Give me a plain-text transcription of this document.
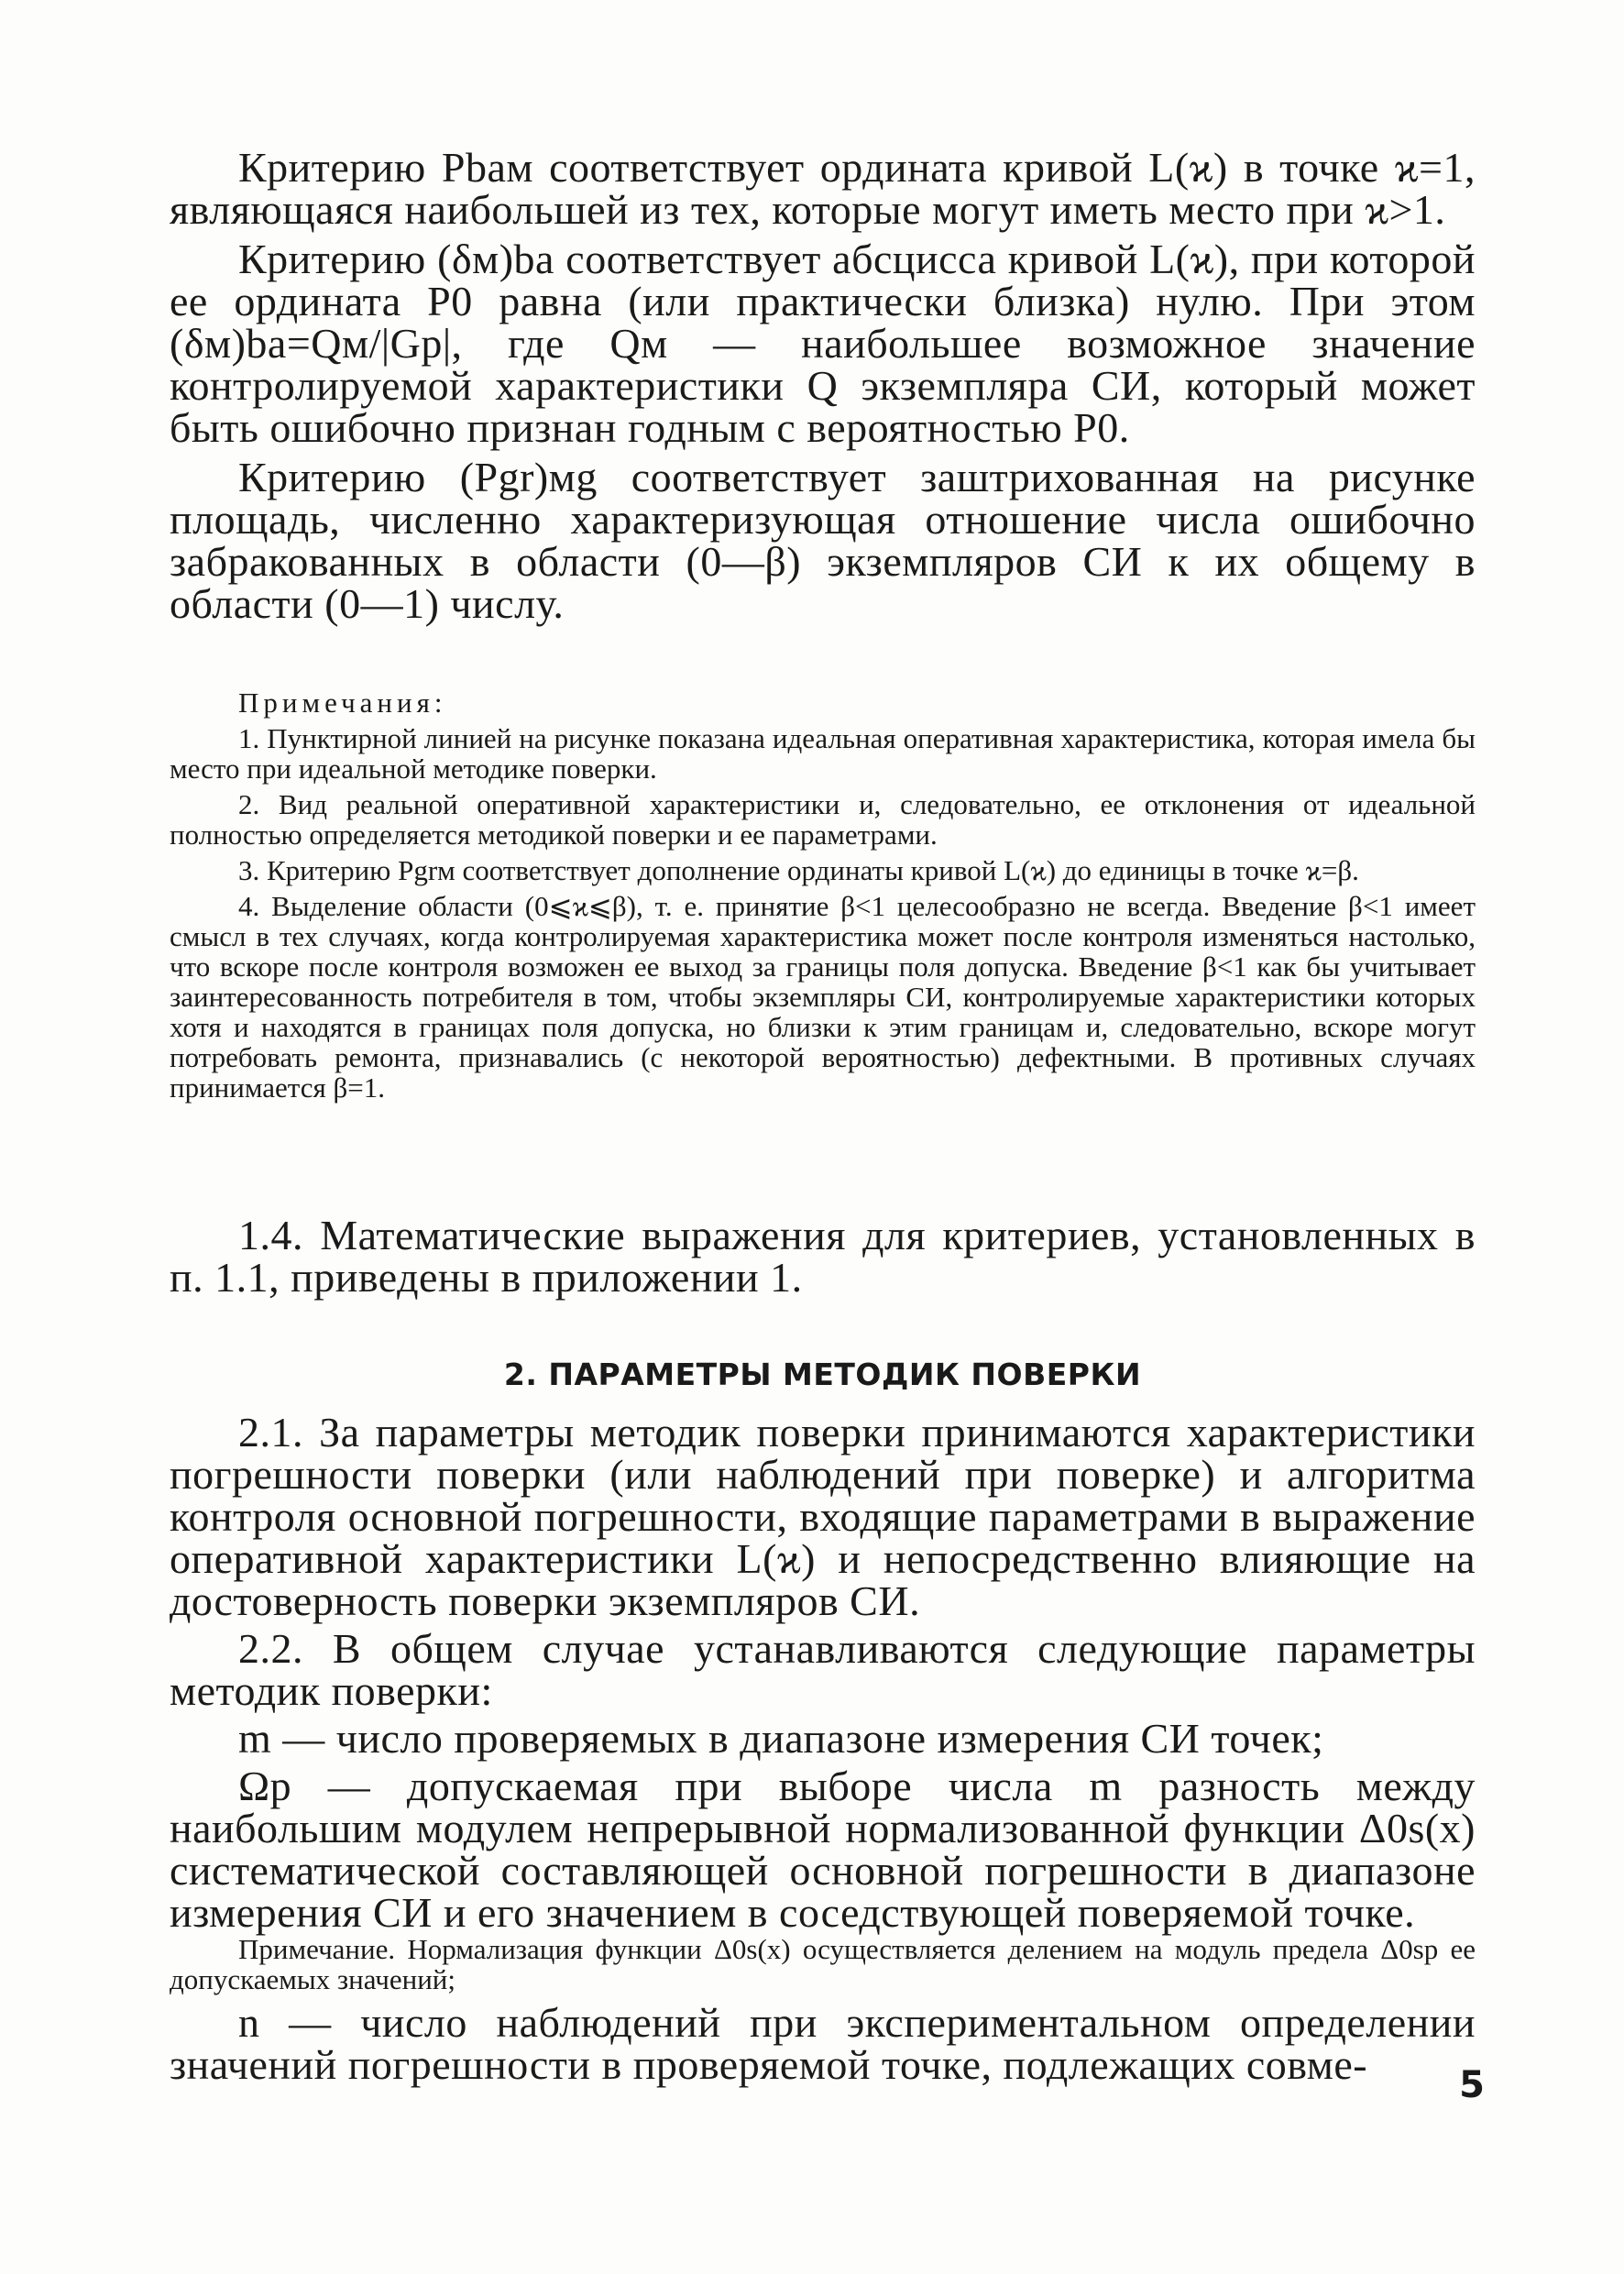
Критерию Pbaм соответствует ордината кривой L(ϰ) в точке ϰ=1, являющаяся наибольшей из тех, которые могут иметь место при ϰ>1.

Критерию (δм)ba соответствует абсцисса кривой L(ϰ), при которой ее ордината P0 равна (или практически близка) нулю. При этом (δм)ba=Qм/|Gp|, где Qм — наибольшее возможное значение контролируемой характеристики Q экземпляра СИ, который может быть ошибочно признан годным с вероятностью P0.

Критерию (Pgr)мg соответствует заштрихованная на рисунке площадь, численно характеризующая отношение числа ошибочно забракованных в области (0—β) экземпляров СИ к их общему в области (0—1) числу.

Примечания:

1. Пунктирной линией на рисунке показана идеальная оперативная характеристика, которая имела бы место при идеальной методике поверки.

2. Вид реальной оперативной характеристики и, следовательно, ее отклонения от идеальной полностью определяется методикой поверки и ее параметрами.

3. Критерию Pgrм соответствует дополнение ординаты кривой L(ϰ) до единицы в точке ϰ=β.

4. Выделение области (0⩽ϰ⩽β), т. е. принятие β<1 целесообразно не всегда. Введение β<1 имеет смысл в тех случаях, когда контролируемая характеристика может после контроля изменяться настолько, что вскоре после контроля возможен ее выход за границы поля допуска. Введение β<1 как бы учитывает заинтересованность потребителя в том, чтобы экземпляры СИ, контролируемые характеристики которых хотя и находятся в границах поля допуска, но близки к этим границам и, следовательно, вскоре могут потребовать ремонта, признавались (с некоторой вероятностью) дефектными. В противных случаях принимается β=1.

1.4. Математические выражения для критериев, установленных в п. 1.1, приведены в приложении 1.

2. ПАРАМЕТРЫ МЕТОДИК ПОВЕРКИ

2.1. За параметры методик поверки принимаются характеристики погрешности поверки (или наблюдений при поверке) и алгоритма контроля основной погрешности, входящие параметрами в выражение оперативной характеристики L(ϰ) и непосредственно влияющие на достоверность поверки экземпляров СИ.

2.2. В общем случае устанавливаются следующие параметры методик поверки:

m — число проверяемых в диапазоне измерения СИ точек;

Ωp — допускаемая при выборе числа m разность между наибольшим модулем непрерывной нормализованной функции Δ0s(x) систематической составляющей основной погрешности в диапазоне измерения СИ и его значением в соседствующей поверяемой точке.

Примечание. Нормализация функции Δ0s(x) осуществляется делением на модуль предела Δ0sp ее допускаемых значений;

n — число наблюдений при экспериментальном определении значений погрешности в проверяемой точке, подлежащих совме-	5
